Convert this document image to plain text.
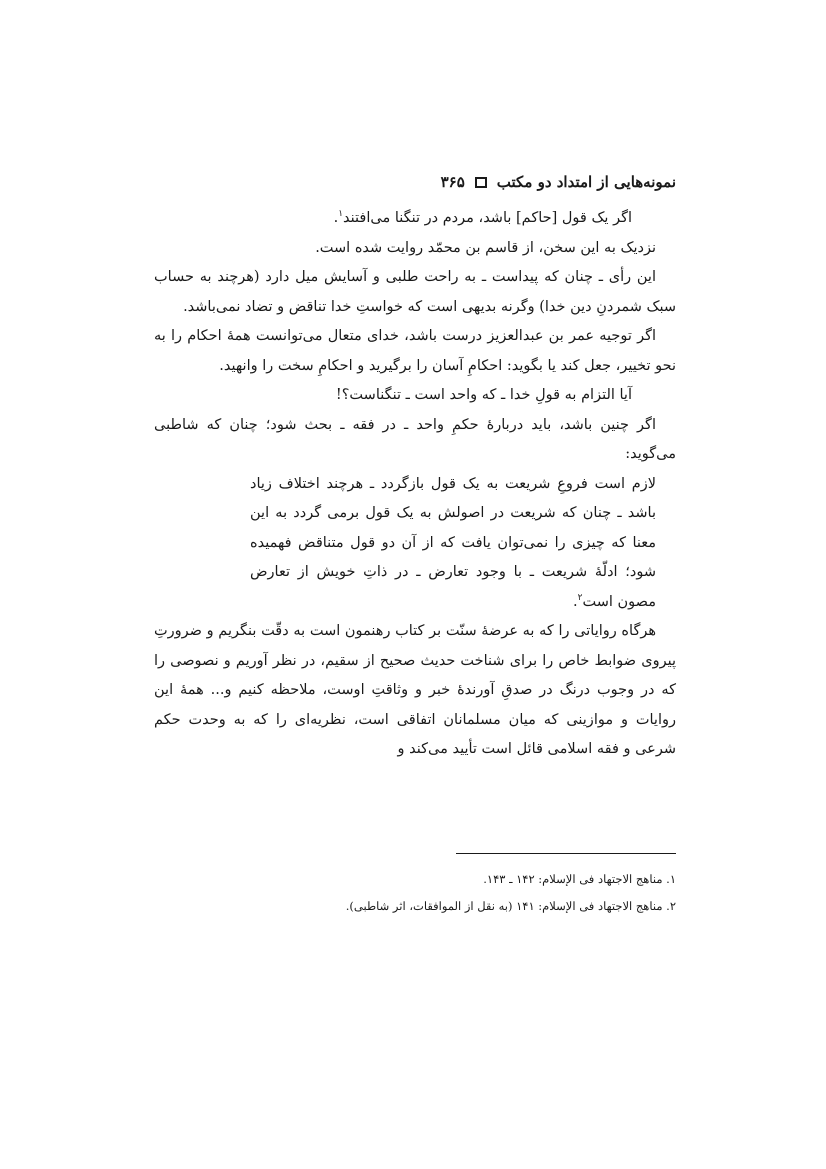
نمونه‌هایی از امتداد دو مکتب
۳۶۵

اگر یک قول [حاکم] باشد، مردم در تنگنا می‌افتند$^۱$.

نزدیک به این سخن، از قاسم بن محمّد روایت شده است.

این رأی ـ چنان که پیداست ـ به راحت طلبی و آسایش میل دارد (هرچند به حساب سبک شمردنِ دین خدا) وگرنه بدیهی است که خواستِ خدا تناقض و تضاد نمی‌باشد.

اگر توجیه عمر بن عبدالعزیز درست باشد، خدای متعال می‌توانست همهٔ احکام را به نحو تخییر، جعل کند یا بگوید: احکامِ آسان را برگیرید و احکامِ سخت را وانهید.

آیا التزام به قولِ خدا ـ که واحد است ـ تنگناست؟!

اگر چنین باشد، باید دربارهٔ حکمِ واحد ـ در فقه ـ بحث شود؛ چنان که شاطبی می‌گوید:

لازم است فروعِ شریعت به یک قول بازگردد ـ هرچند اختلاف زیاد باشد ـ چنان که شریعت در اصولش به یک قول برمی گردد به این معنا که چیزی را نمی‌توان یافت که از آن دو قول متناقض فهمیده شود؛ ادلّهٔ شریعت ـ با وجود تعارض ـ در ذاتِ خویش از تعارض مصون است$^۲$.

هرگاه روایاتی را که به عرضهٔ سنّت بر کتاب رهنمون است به دقّت بنگریم و ضرورتِ پیروی ضوابط خاص را برای شناخت حدیث صحیح از سقیم، در نظر آوریم و نصوصی را که در وجوب درنگ در صدقِ آورندهٔ خبر و وثاقتِ اوست، ملاحظه کنیم و... همهٔ این روایات و موازینی که میان مسلمانان اتفاقی است، نظریه‌ای را که به وحدت حکم شرعی و فقه اسلامی قائل است تأیید می‌کند و

۱. مناهج الاجتهاد فی الإسلام: ۱۴۲ ـ ۱۴۳.

۲. مناهج الاجتهاد فی الإسلام: ۱۴۱ (به نقل از الموافقات، اثر شاطبی).
